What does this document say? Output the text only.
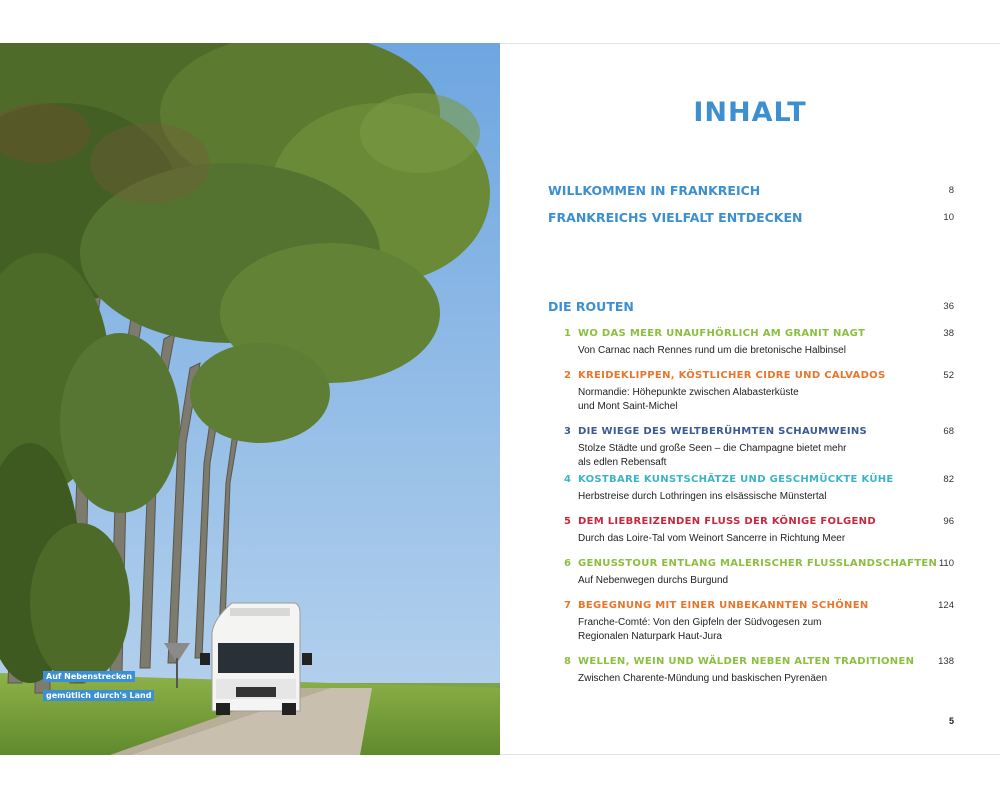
Auf Nebenstrecken
gemütlich durch's Land
INHALT
WILLKOMMEN IN FRANKREICH	8
FRANKREICHS VIELFALT ENTDECKEN	10
DIE ROUTEN	36
1 WO DAS MEER UNAUFHÖRLICH AM GRANIT NAGT	38
Von Carnac nach Rennes rund um die bretonische Halbinsel

2 KREIDEKLIPPEN, KÖSTLICHER CIDRE UND CALVADOS	52
Normandie: Höhepunkte zwischen Alabasterküste
und Mont Saint-Michel
3 DIE WIEGE DES WELTBERÜHMTEN SCHAUMWEINS	68
Stolze Städte und große Seen – die Champagne bietet mehr
als edlen Rebensaft
4 KOSTBARE KUNSTSCHÄTZE UND GESCHMÜCKTE KÜHE	82
Herbstreise durch Lothringen ins elsässische Münstertal

5 DEM LIEBREIZENDEN FLUSS DER KÖNIGE FOLGEND	96
Durch das Loire-Tal vom Weinort Sancerre in Richtung Meer

6 GENUSSTOUR ENTLANG MALERISCHER FLUSSLANDSCHAFTEN 110
Auf Nebenwegen durchs Burgund

7 BEGEGNUNG MIT EINER UNBEKANNTEN SCHÖNEN	124
Franche-Comté: Von den Gipfeln der Südvogesen zum
Regionalen Naturpark Haut-Jura
8 WELLEN, WEIN UND WÄLDER NEBEN ALTEN TRADITIONEN	138
Zwischen Charente-Mündung und baskischen Pyrenäen

5
